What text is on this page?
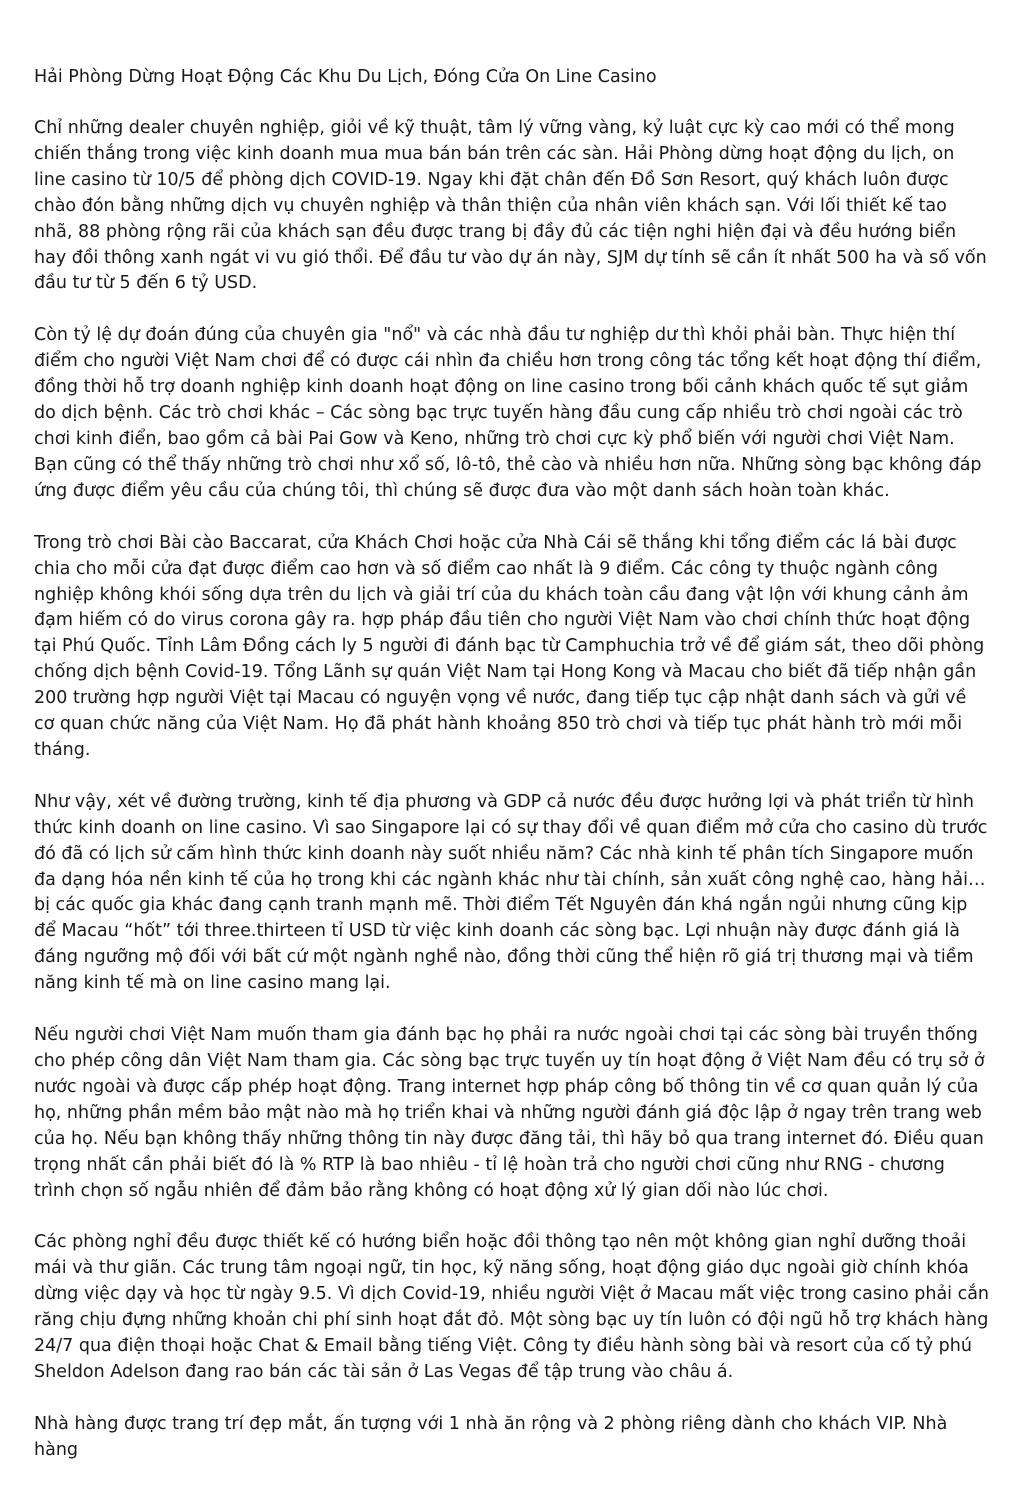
Hải Phòng Dừng Hoạt Động Các Khu Du Lịch, Đóng Cửa On Line Casino

Chỉ những dealer chuyên nghiệp, giỏi về kỹ thuật, tâm lý vững vàng, kỷ luật cực kỳ cao mới có thể mong chiến thắng trong việc kinh doanh mua mua bán bán trên các sàn. Hải Phòng dừng hoạt động du lịch, on line casino từ 10/5 để phòng dịch COVID-19. Ngay khi đặt chân đến Đồ Sơn Resort, quý khách luôn được chào đón bằng những dịch vụ chuyên nghiệp và thân thiện của nhân viên khách sạn. Với lối thiết kế tao nhã, 88 phòng rộng rãi của khách sạn đều được trang bị đầy đủ các tiện nghi hiện đại và đều hướng biển hay đồi thông xanh ngát vi vu gió thổi. Để đầu tư vào dự án này, SJM dự tính sẽ cần ít nhất 500 ha và số vốn đầu tư từ 5 đến 6 tỷ USD.

Còn tỷ lệ dự đoán đúng của chuyên gia "nổ" và các nhà đầu tư nghiệp dư thì khỏi phải bàn. Thực hiện thí điểm cho người Việt Nam chơi để có được cái nhìn đa chiều hơn trong công tác tổng kết hoạt động thí điểm, đồng thời hỗ trợ doanh nghiệp kinh doanh hoạt động on line casino trong bối cảnh khách quốc tế sụt giảm do dịch bệnh. Các trò chơi khác – Các sòng bạc trực tuyến hàng đầu cung cấp nhiều trò chơi ngoài các trò chơi kinh điển, bao gồm cả bài Pai Gow và Keno, những trò chơi cực kỳ phổ biến với người chơi Việt Nam. Bạn cũng có thể thấy những trò chơi như xổ số, lô-tô, thẻ cào và nhiều hơn nữa. Những sòng bạc không đáp ứng được điểm yêu cầu của chúng tôi, thì chúng sẽ được đưa vào một danh sách hoàn toàn khác.

Trong trò chơi Bài cào Baccarat, cửa Khách Chơi hoặc cửa Nhà Cái sẽ thắng khi tổng điểm các lá bài được chia cho mỗi cửa đạt được điểm cao hơn và số điểm cao nhất là 9 điểm. Các công ty thuộc ngành công nghiệp không khói sống dựa trên du lịch và giải trí của du khách toàn cầu đang vật lộn với khung cảnh ảm đạm hiếm có do virus corona gây ra. hợp pháp đầu tiên cho người Việt Nam vào chơi chính thức hoạt động tại Phú Quốc. Tỉnh Lâm Đồng cách ly 5 người đi đánh bạc từ Camphuchia trở về để giám sát, theo dõi phòng chống dịch bệnh Covid-19. Tổng Lãnh sự quán Việt Nam tại Hong Kong và Macau cho biết đã tiếp nhận gần 200 trường hợp người Việt tại Macau có nguyện vọng về nước, đang tiếp tục cập nhật danh sách và gửi về cơ quan chức năng của Việt Nam. Họ đã phát hành khoảng 850 trò chơi và tiếp tục phát hành trò mới mỗi tháng.

Như vậy, xét về đường trường, kinh tế địa phương và GDP cả nước đều được hưởng lợi và phát triển từ hình thức kinh doanh on line casino. Vì sao Singapore lại có sự thay đổi về quan điểm mở cửa cho casino dù trước đó đã có lịch sử cấm hình thức kinh doanh này suốt nhiều năm? Các nhà kinh tế phân tích Singapore muốn đa dạng hóa nền kinh tế của họ trong khi các ngành khác như tài chính, sản xuất công nghệ cao, hàng hải…bị các quốc gia khác đang cạnh tranh mạnh mẽ. Thời điểm Tết Nguyên đán khá ngắn ngủi nhưng cũng kịp để Macau “hốt” tới three.thirteen tỉ USD từ việc kinh doanh các sòng bạc. Lợi nhuận này được đánh giá là đáng ngưỡng mộ đối với bất cứ một ngành nghề nào, đồng thời cũng thể hiện rõ giá trị thương mại và tiềm năng kinh tế mà on line casino mang lại.

Nếu người chơi Việt Nam muốn tham gia đánh bạc họ phải ra nước ngoài chơi tại các sòng bài truyền thống cho phép công dân Việt Nam tham gia. Các sòng bạc trực tuyến uy tín hoạt động ở Việt Nam đều có trụ sở ở nước ngoài và được cấp phép hoạt động. Trang internet hợp pháp công bố thông tin về cơ quan quản lý của họ, những phần mềm bảo mật nào mà họ triển khai và những người đánh giá độc lập ở ngay trên trang web của họ. Nếu bạn không thấy những thông tin này được đăng tải, thì hãy bỏ qua trang internet đó. Điều quan trọng nhất cần phải biết đó là % RTP là bao nhiêu - tỉ lệ hoàn trả cho người chơi cũng như RNG - chương trình chọn số ngẫu nhiên để đảm bảo rằng không có hoạt động xử lý gian dối nào lúc chơi.

Các phòng nghỉ đều được thiết kế có hướng biển hoặc đồi thông tạo nên một không gian nghỉ dưỡng thoải mái và thư giãn. Các trung tâm ngoại ngữ, tin học, kỹ năng sống, hoạt động giáo dục ngoài giờ chính khóa dừng việc dạy và học từ ngày 9.5. Vì dịch Covid-19, nhiều người Việt ở Macau mất việc trong casino phải cắn răng chịu đựng những khoản chi phí sinh hoạt đắt đỏ. Một sòng bạc uy tín luôn có đội ngũ hỗ trợ khách hàng 24/7 qua điện thoại hoặc Chat & Email bằng tiếng Việt. Công ty điều hành sòng bài và resort của cố tỷ phú Sheldon Adelson đang rao bán các tài sản ở Las Vegas để tập trung vào châu á.

Nhà hàng được trang trí đẹp mắt, ấn tượng với 1 nhà ăn rộng và 2 phòng riêng dành cho khách VIP. Nhà hàng
